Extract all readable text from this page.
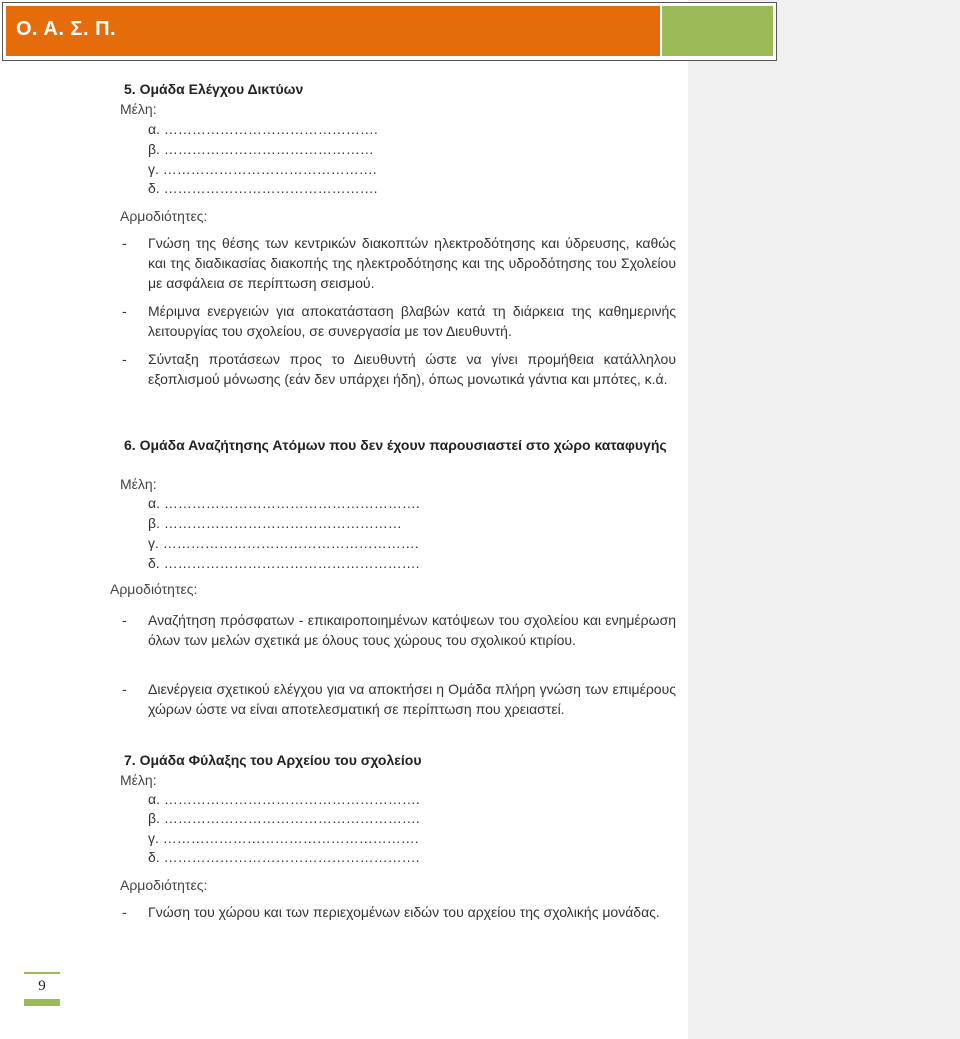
Ο. Α. Σ. Π.
5. Ομάδα Ελέγχου Δικτύων
Μέλη:
α. ……………………………………….
β. ………………………………………
γ. ……………………………………….
δ. ……………………………………….
Αρμοδιότητες:
- Γνώση της θέσης των κεντρικών διακοπτών ηλεκτροδότησης και ύδρευσης, καθώς και της διαδικασίας διακοπής της ηλεκτροδότησης και της υδροδότησης του Σχολείου με ασφάλεια σε περίπτωση σεισμού.
- Μέριμνα ενεργειών για αποκατάσταση βλαβών κατά τη διάρκεια της καθημερινής λειτουργίας του σχολείου, σε συνεργασία με τον Διευθυντή.
- Σύνταξη προτάσεων προς το Διευθυντή ώστε να γίνει προμήθεια κατάλληλου εξοπλισμού μόνωσης (εάν δεν υπάρχει ήδη), όπως μονωτικά γάντια και μπότες, κ.ά.
6. Ομάδα Αναζήτησης Ατόμων που δεν έχουν παρουσιαστεί στο χώρο καταφυγής
Μέλη:
α. ……………………………………………….
β. ……………………………………………
γ. ……………………………………………….
δ. ……………………………………………….
Αρμοδιότητες:
- Αναζήτηση πρόσφατων - επικαιροποιημένων κατόψεων του σχολείου και ενημέρωση όλων των μελών σχετικά με όλους τους χώρους του σχολικού κτιρίου.
- Διενέργεια σχετικού ελέγχου για να αποκτήσει η Ομάδα πλήρη γνώση των επιμέρους χώρων ώστε να είναι αποτελεσματική σε περίπτωση που χρειαστεί.
7. Ομάδα Φύλαξης του Αρχείου του σχολείου
Μέλη:
α. ……………………………………………….
β. ……………………………………………….
γ. ……………………………………………….
δ. ……………………………………………….
Αρμοδιότητες:
- Γνώση του χώρου και των περιεχομένων ειδών του αρχείου της σχολικής μονάδας.
9
